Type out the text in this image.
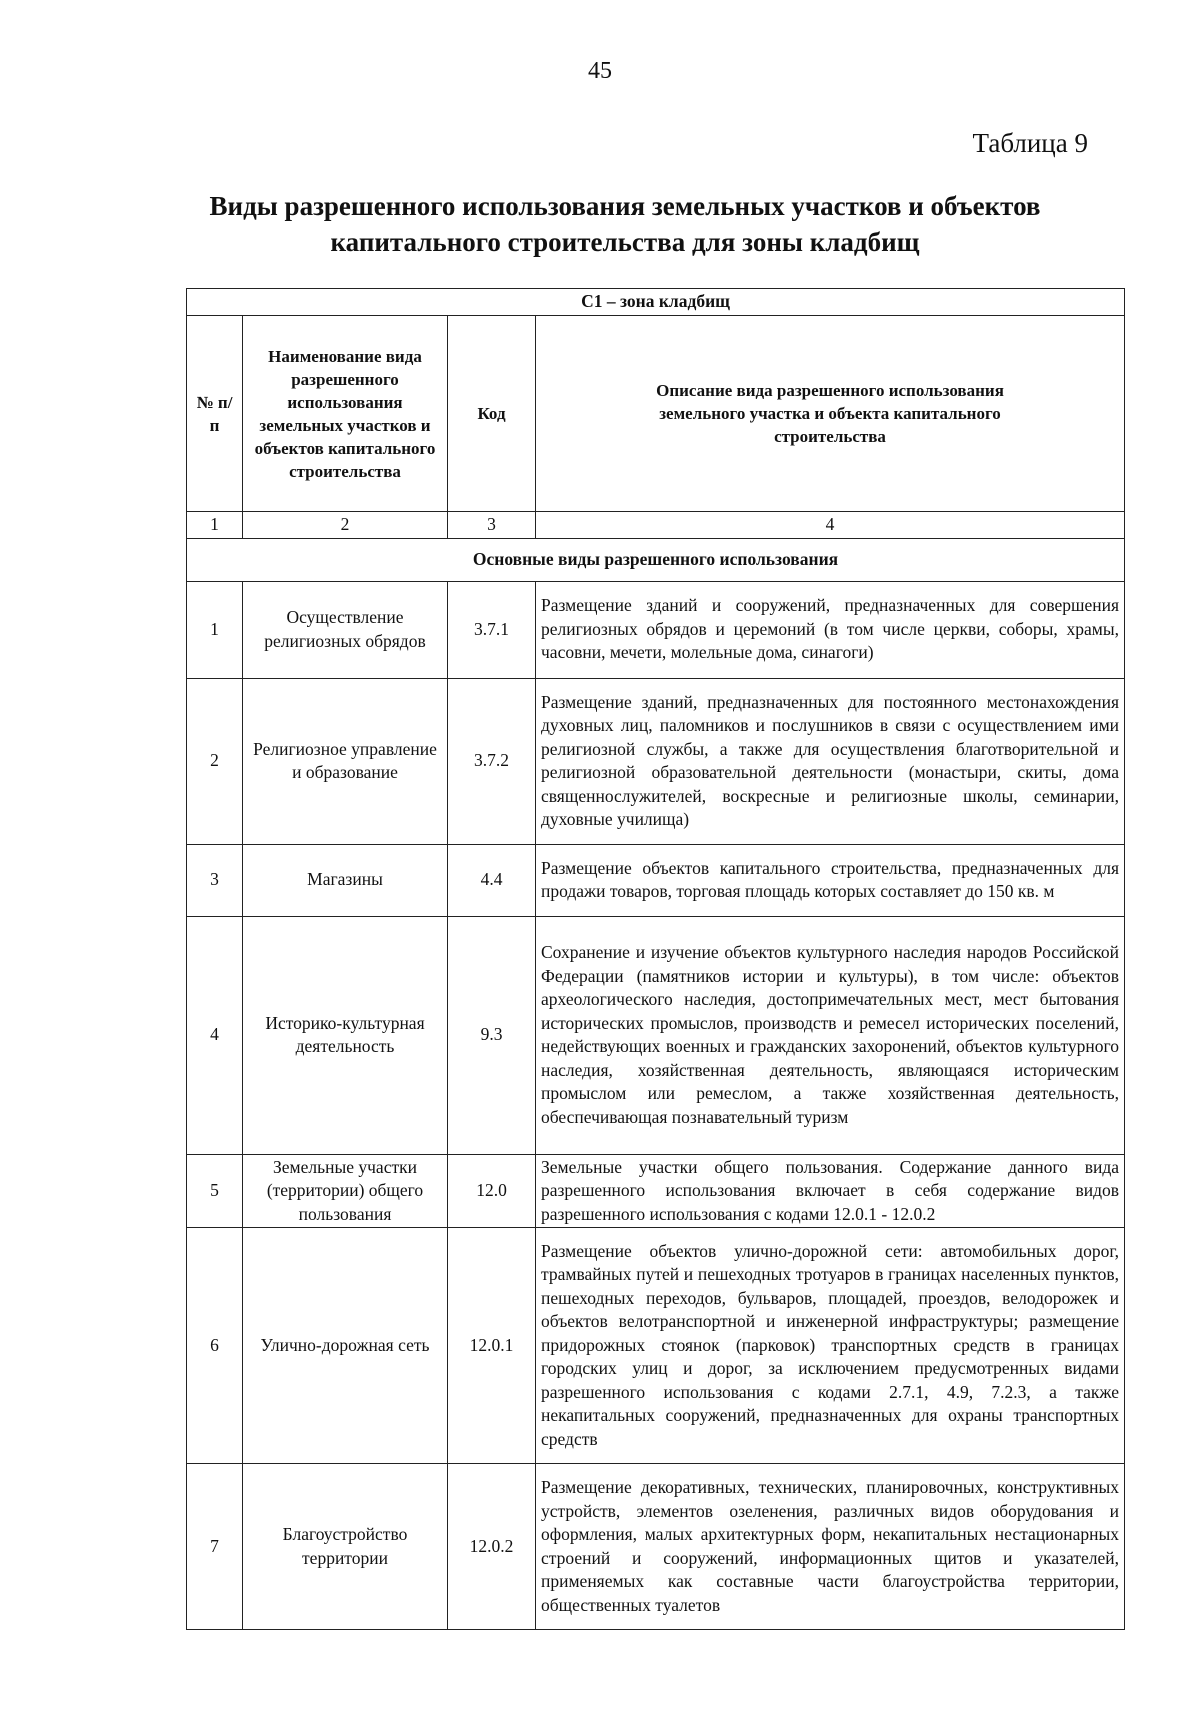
45
Таблица 9
Виды разрешенного использования земельных участков и объектов
капитального строительства для зоны кладбищ
С1 – зона кладбищ			
№ п/п	Наименование вида разрешенного использования земельных участков и объектов капитального строительства	Код	Описание вида разрешенного использования земельного участка и объекта капитального строительства
1	2	3	4
Основные виды разрешенного использования			
1	Осуществление религиозных обрядов	3.7.1	Размещение зданий и сооружений, предназначенных для совершения религиозных обрядов и церемоний (в том числе церкви, соборы, храмы, часовни, мечети, молельные дома, синагоги)
2	Религиозное управление и образование	3.7.2	Размещение зданий, предназначенных для постоянного местонахождения духовных лиц, паломников и послушников в связи с осуществлением ими религиозной службы, а также для осуществления благотворительной и религиозной образовательной деятельности (монастыри, скиты, дома священнослужителей, воскресные и религиозные школы, семинарии, духовные училища)
3	Магазины	4.4	Размещение объектов капитального строительства, предназначенных для продажи товаров, торговая площадь которых составляет до 150 кв. м
4	Историко-культурная деятельность	9.3	Сохранение и изучение объектов культурного наследия народов Российской Федерации (памятников истории и культуры), в том числе: объектов археологического наследия, достопримечательных мест, мест бытования исторических промыслов, производств и ремесел исторических поселений, недействующих военных и гражданских захоронений, объектов культурного наследия, хозяйственная деятельность, являющаяся историческим промыслом или ремеслом, а также хозяйственная деятельность, обеспечивающая познавательный туризм
5	Земельные участки (территории) общего пользования	12.0	Земельные участки общего пользования. Содержание данного вида разрешенного использования включает в себя содержание видов разрешенного использования с кодами 12.0.1 - 12.0.2
6	Улично-дорожная сеть	12.0.1	Размещение объектов улично-дорожной сети: автомобильных дорог, трамвайных путей и пешеходных тротуаров в границах населенных пунктов, пешеходных переходов, бульваров, площадей, проездов, велодорожек и объектов велотранспортной и инженерной инфраструктуры; размещение придорожных стоянок (парковок) транспортных средств в границах городских улиц и дорог, за исключением предусмотренных видами разрешенного использования с кодами 2.7.1, 4.9, 7.2.3, а также некапитальных сооружений, предназначенных для охраны транспортных средств
7	Благоустройство территории	12.0.2	Размещение декоративных, технических, планировочных, конструктивных устройств, элементов озеленения, различных видов оборудования и оформления, малых архитектурных форм, некапитальных нестационарных строений и сооружений, информационных щитов и указателей, применяемых как составные части благоустройства территории, общественных туалетов
